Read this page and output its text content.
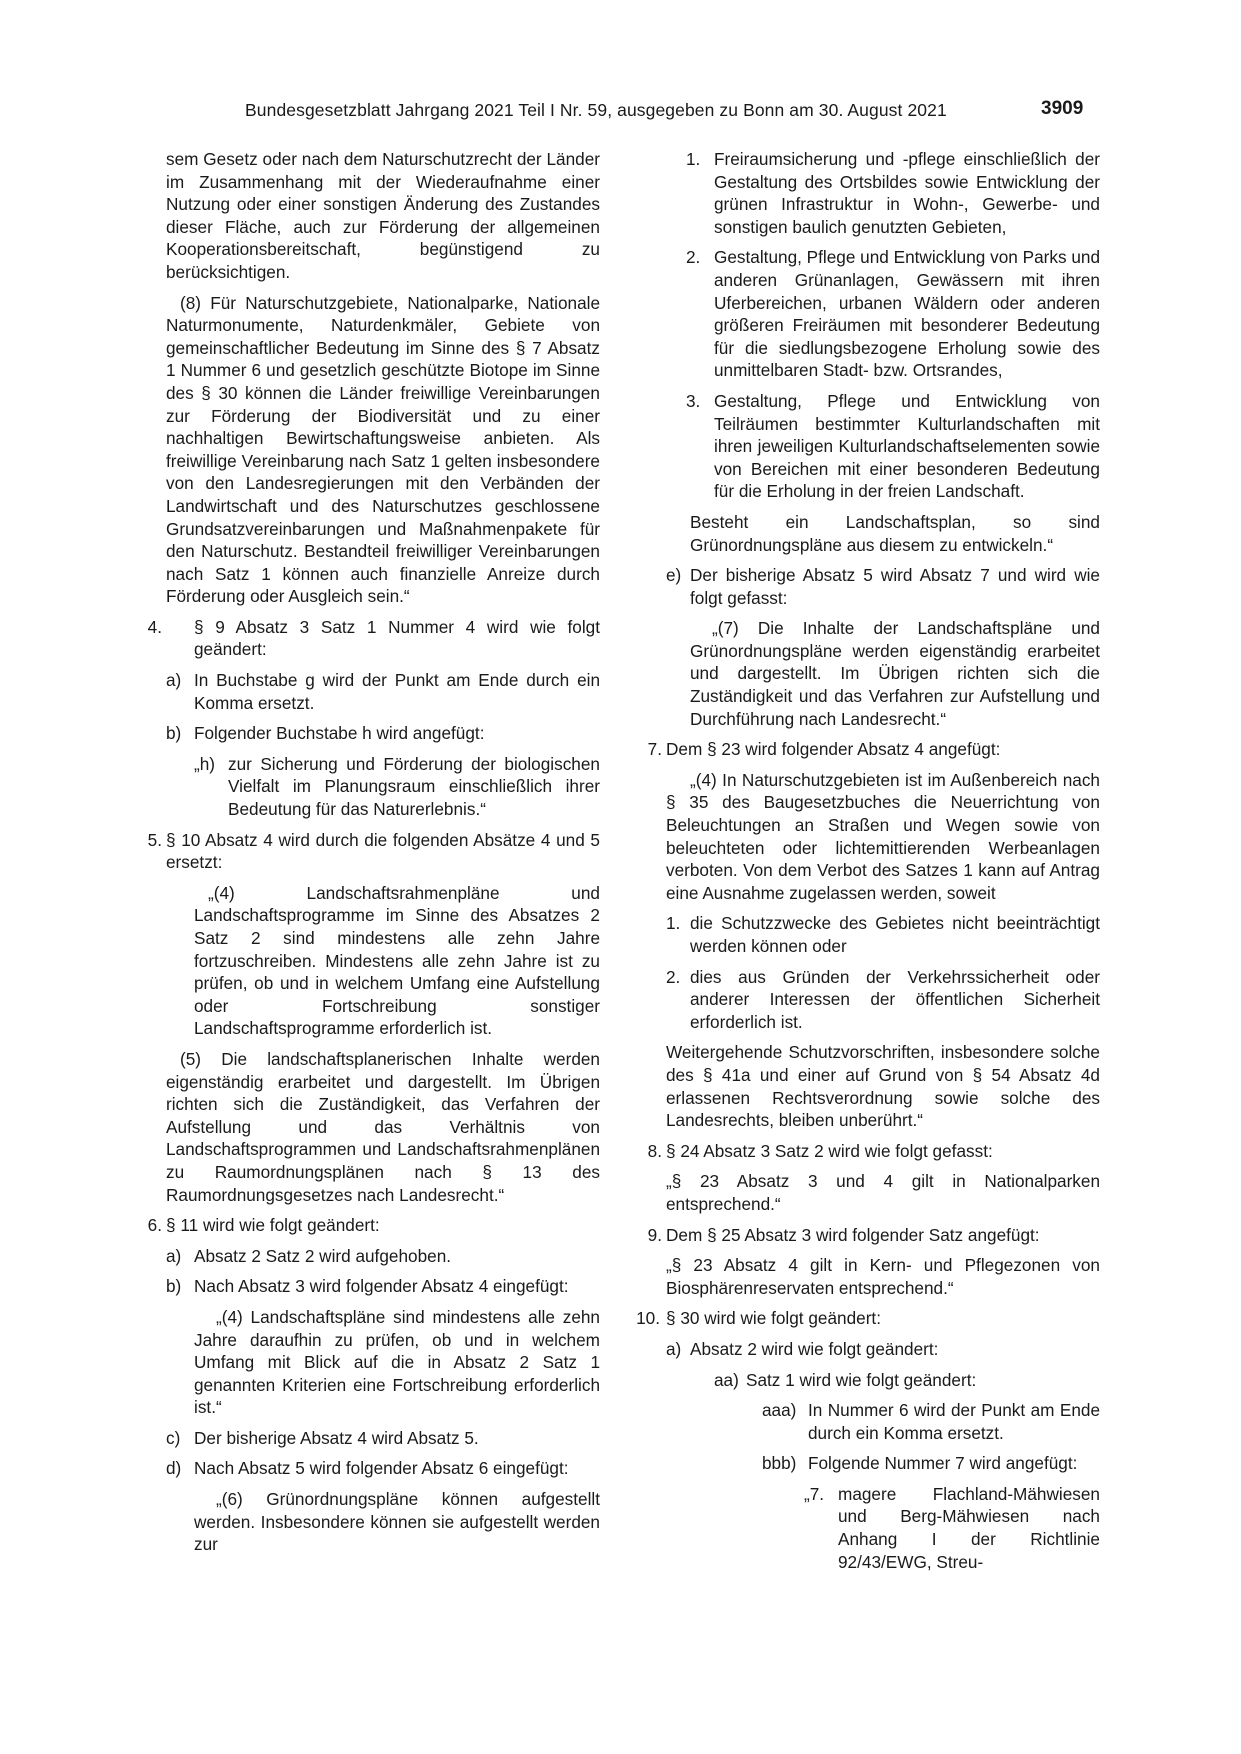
Bundesgesetzblatt Jahrgang 2021 Teil I Nr. 59, ausgegeben zu Bonn am 30. August 2021	3909

sem Gesetz oder nach dem Naturschutzrecht der Länder im Zusammenhang mit der Wiederaufnahme einer Nutzung oder einer sonstigen Änderung des Zustandes dieser Fläche, auch zur Förderung der allgemeinen Kooperationsbereitschaft, begünstigend zu berücksichtigen.

(8) Für Naturschutzgebiete, Nationalparke, Nationale Naturmonumente, Naturdenkmäler, Gebiete von gemeinschaftlicher Bedeutung im Sinne des § 7 Absatz 1 Nummer 6 und gesetzlich geschützte Biotope im Sinne des § 30 können die Länder freiwillige Vereinbarungen zur Förderung der Biodiversität und zu einer nachhaltigen Bewirtschaftungsweise anbieten. Als freiwillige Vereinbarung nach Satz 1 gelten insbesondere von den Landesregierungen mit den Verbänden der Landwirtschaft und des Naturschutzes geschlossene Grundsatzvereinbarungen und Maßnahmenpakete für den Naturschutz. Bestandteil freiwilliger Vereinbarungen nach Satz 1 können auch finanzielle Anreize durch Förderung oder Ausgleich sein.“

4. § 9 Absatz 3 Satz 1 Nummer 4 wird wie folgt geändert:
a) In Buchstabe g wird der Punkt am Ende durch ein Komma ersetzt.
b) Folgender Buchstabe h wird angefügt:
„h) zur Sicherung und Förderung der biologischen Vielfalt im Planungsraum einschließlich ihrer Bedeutung für das Naturerlebnis.“
5. § 10 Absatz 4 wird durch die folgenden Absätze 4 und 5 ersetzt:

„(4) Landschaftsrahmenpläne und Landschaftsprogramme im Sinne des Absatzes 2 Satz 2 sind mindestens alle zehn Jahre fortzuschreiben. Mindestens alle zehn Jahre ist zu prüfen, ob und in welchem Umfang eine Aufstellung oder Fortschreibung sonstiger Landschaftsprogramme erforderlich ist.

(5) Die landschaftsplanerischen Inhalte werden eigenständig erarbeitet und dargestellt. Im Übrigen richten sich die Zuständigkeit, das Verfahren der Aufstellung und das Verhältnis von Landschaftsprogrammen und Landschaftsrahmenplänen zu Raumordnungsplänen nach § 13 des Raumordnungsgesetzes nach Landesrecht.“

6. § 11 wird wie folgt geändert:
a) Absatz 2 Satz 2 wird aufgehoben.
b) Nach Absatz 3 wird folgender Absatz 4 eingefügt:

„(4) Landschaftspläne sind mindestens alle zehn Jahre daraufhin zu prüfen, ob und in welchem Umfang mit Blick auf die in Absatz 2 Satz 1 genannten Kriterien eine Fortschreibung erforderlich ist.“

c) Der bisherige Absatz 4 wird Absatz 5.
d) Nach Absatz 5 wird folgender Absatz 6 eingefügt:

„(6) Grünordnungspläne können aufgestellt werden. Insbesondere können sie aufgestellt werden zur

1. Freiraumsicherung und -pflege einschließlich der Gestaltung des Ortsbildes sowie Entwicklung der grünen Infrastruktur in Wohn-, Gewerbe- und sonstigen baulich genutzten Gebieten,
2. Gestaltung, Pflege und Entwicklung von Parks und anderen Grünanlagen, Gewässern mit ihren Uferbereichen, urbanen Wäldern oder anderen größeren Freiräumen mit besonderer Bedeutung für die siedlungsbezogene Erholung sowie des unmittelbaren Stadt- bzw. Ortsrandes,
3. Gestaltung, Pflege und Entwicklung von Teilräumen bestimmter Kulturlandschaften mit ihren jeweiligen Kulturlandschaftselementen sowie von Bereichen mit einer besonderen Bedeutung für die Erholung in der freien Landschaft.

Besteht ein Landschaftsplan, so sind Grünordnungspläne aus diesem zu entwickeln.“

e) Der bisherige Absatz 5 wird Absatz 7 und wird wie folgt gefasst:

„(7) Die Inhalte der Landschaftspläne und Grünordnungspläne werden eigenständig erarbeitet und dargestellt. Im Übrigen richten sich die Zuständigkeit und das Verfahren zur Aufstellung und Durchführung nach Landesrecht.“

7. Dem § 23 wird folgender Absatz 4 angefügt:

„(4) In Naturschutzgebieten ist im Außenbereich nach § 35 des Baugesetzbuches die Neuerrichtung von Beleuchtungen an Straßen und Wegen sowie von beleuchteten oder lichtemittierenden Werbeanlagen verboten. Von dem Verbot des Satzes 1 kann auf Antrag eine Ausnahme zugelassen werden, soweit

1. die Schutzzwecke des Gebietes nicht beeinträchtigt werden können oder
2. dies aus Gründen der Verkehrssicherheit oder anderer Interessen der öffentlichen Sicherheit erforderlich ist.

Weitergehende Schutzvorschriften, insbesondere solche des § 41a und einer auf Grund von § 54 Absatz 4d erlassenen Rechtsverordnung sowie solche des Landesrechts, bleiben unberührt.“

8. § 24 Absatz 3 Satz 2 wird wie folgt gefasst:

„§ 23 Absatz 3 und 4 gilt in Nationalparken entsprechend.“

9. Dem § 25 Absatz 3 wird folgender Satz angefügt:

„§ 23 Absatz 4 gilt in Kern- und Pflegezonen von Biosphärenreservaten entsprechend.“

10. § 30 wird wie folgt geändert:
a) Absatz 2 wird wie folgt geändert:
aa) Satz 1 wird wie folgt geändert:
aaa) In Nummer 6 wird der Punkt am Ende durch ein Komma ersetzt.
bbb) Folgende Nummer 7 wird angefügt:
„7. magere Flachland-Mähwiesen und Berg-Mähwiesen nach Anhang I der Richtlinie 92/43/EWG, Streu-
